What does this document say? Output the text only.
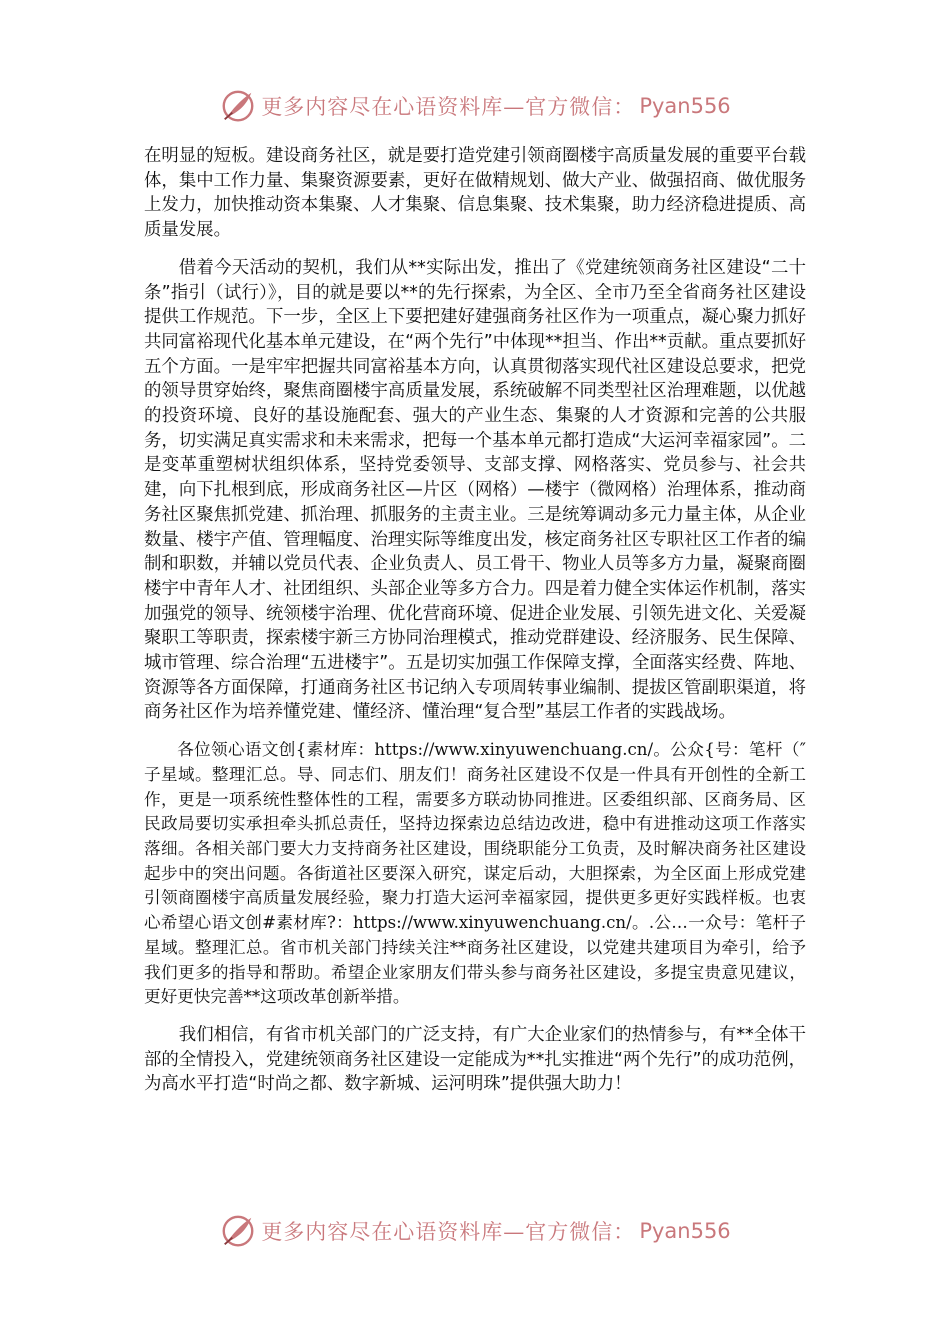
更多内容尽在心语资料库—官方微信： Pyan556

在明显的短板。建设商务社区，就是要打造党建引领商圈楼宇高质量发展的重要平台载体，集中工作力量、集聚资源要素，更好在做精规划、做大产业、做强招商、做优服务上发力，加快推动资本集聚、人才集聚、信息集聚、技术集聚，助力经济稳进提质、高质量发展。

借着今天活动的契机，我们从**实际出发，推出了《党建统领商务社区建设“二十条”指引（试行）》，目的就是要以**的先行探索，为全区、全市乃至全省商务社区建设提供工作规范。下一步，全区上下要把建好建强商务社区作为一项重点，凝心聚力抓好共同富裕现代化基本单元建设，在“两个先行”中体现**担当、作出**贡献。重点要抓好五个方面。一是牢牢把握共同富裕基本方向，认真贯彻落实现代社区建设总要求，把党的领导贯穿始终，聚焦商圈楼宇高质量发展，系统破解不同类型社区治理难题，以优越的投资环境、良好的基设施配套、强大的产业生态、集聚的人才资源和完善的公共服务，切实满足真实需求和未来需求，把每一个基本单元都打造成“大运河幸福家园”。二是变革重塑树状组织体系，坚持党委领导、支部支撑、网格落实、党员参与、社会共建，向下扎根到底，形成商务社区—片区（网格）—楼宇（微网格）治理体系，推动商务社区聚焦抓党建、抓治理、抓服务的主责主业。三是统筹调动多元力量主体，从企业数量、楼宇产值、管理幅度、治理实际等维度出发，核定商务社区专职社区工作者的编制和职数，并辅以党员代表、企业负责人、员工骨干、物业人员等多方力量，凝聚商圈楼宇中青年人才、社团组织、头部企业等多方合力。四是着力健全实体运作机制，落实加强党的领导、统领楼宇治理、优化营商环境、促进企业发展、引领先进文化、关爱凝聚职工等职责，探索楼宇新三方协同治理模式，推动党群建设、经济服务、民生保障、城市管理、综合治理“五进楼宇”。五是切实加强工作保障支撑，全面落实经费、阵地、资源等各方面保障，打通商务社区书记纳入专项周转事业编制、提拔区管副职渠道，将商务社区作为培养懂党建、懂经济、懂治理“复合型”基层工作者的实践战场。

各位领心语文创{素材库：https://www.xinyuwenchuang.cn/。公众{号：笔杆（″子星域。整理汇总。导、同志们、朋友们！商务社区建设不仅是一件具有开创性的全新工作，更是一项系统性整体性的工程，需要多方联动协同推进。区委组织部、区商务局、区民政局要切实承担牵头抓总责任，坚持边探索边总结边改进，稳中有进推动这项工作落实落细。各相关部门要大力支持商务社区建设，围绕职能分工负责，及时解决商务社区建设起步中的突出问题。各街道社区要深入研究，谋定后动，大胆探索，为全区面上形成党建引领商圈楼宇高质量发展经验，聚力打造大运河幸福家园，提供更多更好实践样板。也衷心希望心语文创#素材库?：https://www.xinyuwenchuang.cn/。.公…一众号：笔杆子星域。整理汇总。省市机关部门持续关注**商务社区建设，以党建共建项目为牵引，给予我们更多的指导和帮助。希望企业家朋友们带头参与商务社区建设，多提宝贵意见建议，更好更快完善**这项改革创新举措。

我们相信，有省市机关部门的广泛支持，有广大企业家们的热情参与，有**全体干部的全情投入，党建统领商务社区建设一定能成为**扎实推进“两个先行”的成功范例，为高水平打造“时尚之都、数字新城、运河明珠”提供强大助力！

更多内容尽在心语资料库—官方微信： Pyan556
